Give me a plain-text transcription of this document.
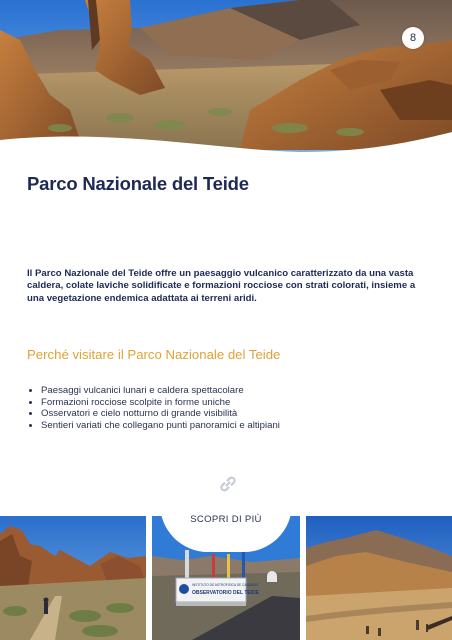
8
Parco Nazionale del Teide

Il Parco Nazionale del Teide offre un paesaggio vulcanico caratterizzato da una vasta caldera, colate laviche solidificate e formazioni rocciose con strati colorati, insieme a una vegetazione endemica adattata ai terreni aridi.

Perché visitare il Parco Nazionale del Teide
• Paesaggi vulcanici lunari e caldera spettacolare
• Formazioni rocciose scolpite in forme uniche
• Osservatori e cielo notturno di grande visibilità
• Sentieri variati che collegano punti panoramici e altipiani
INSTITUTO DE ASTROFISICA DE CANARIAS
OBSERVATORIO DEL TEIDE
SCOPRI DI PIÙ
